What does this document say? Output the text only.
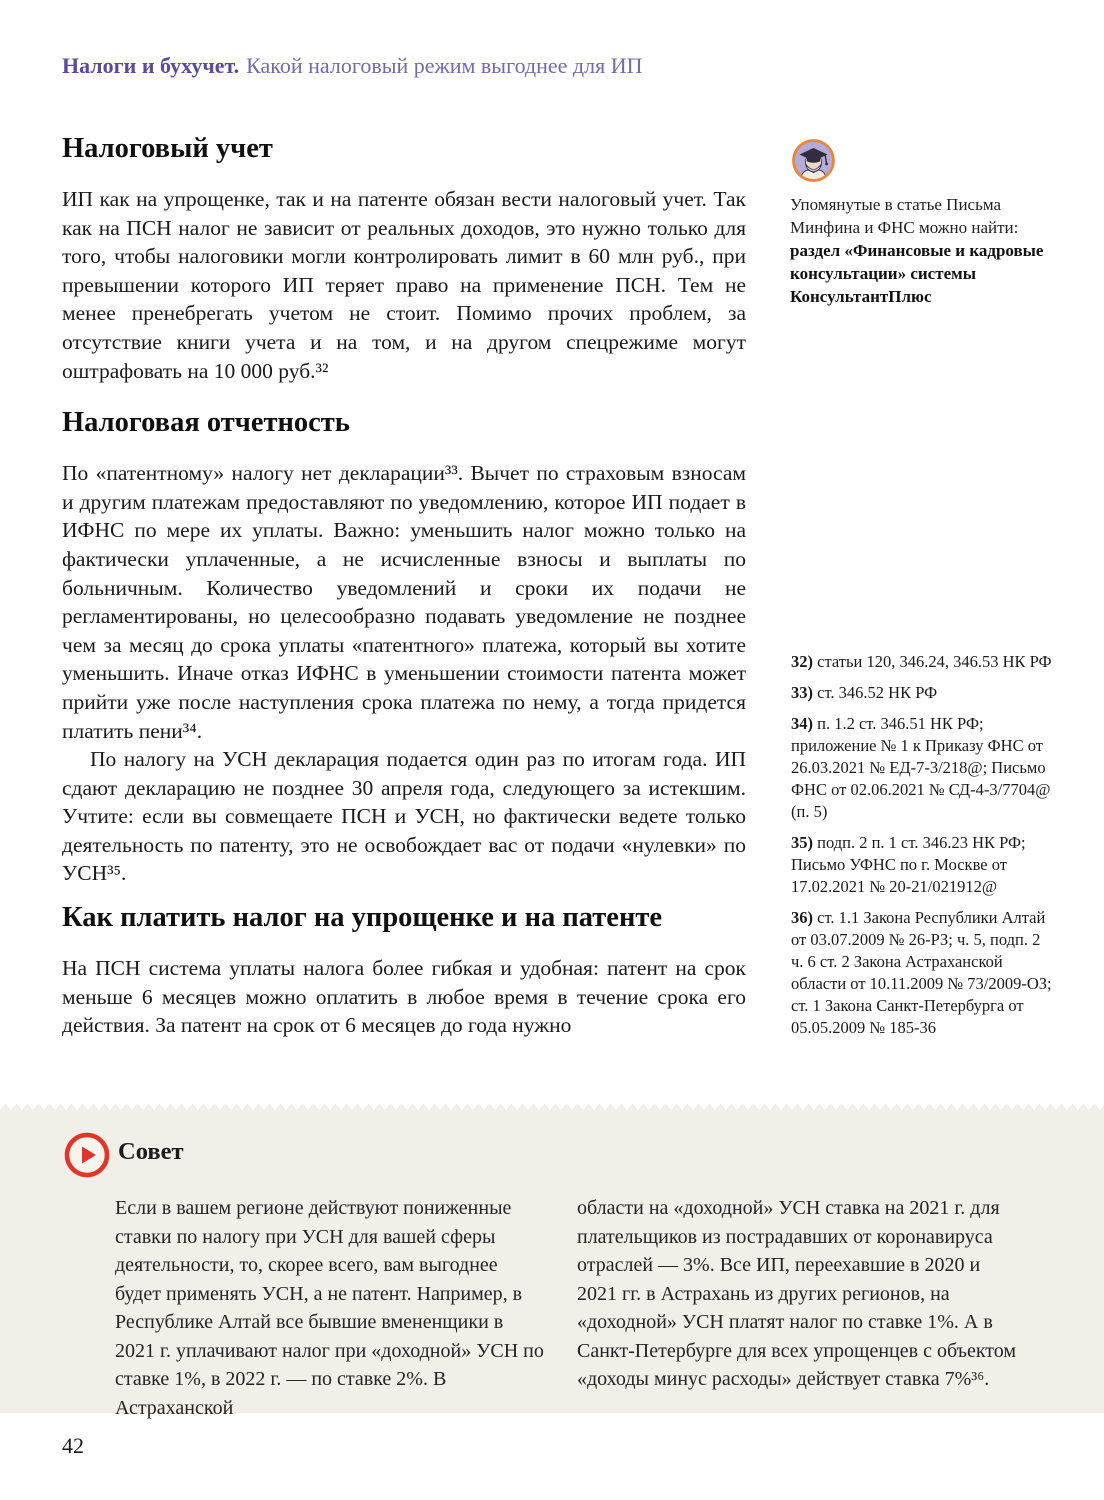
Налоги и бухучет. Какой налоговый режим выгоднее для ИП
Налоговый учет

ИП как на упрощенке, так и на патенте обязан вести налоговый учет. Так как на ПСН налог не зависит от реальных доходов, это нужно только для того, чтобы налоговики могли контролировать лимит в 60 млн руб., при превышении которого ИП теряет право на применение ПСН. Тем не менее пренебрегать учетом не стоит. Помимо прочих проблем, за отсутствие книги учета и на том, и на другом спецрежиме могут оштрафовать на 10 000 руб.³²

Налоговая отчетность

По «патентному» налогу нет декларации³³. Вычет по страховым взносам и другим платежам предоставляют по уведомлению, которое ИП подает в ИФНС по мере их уплаты. Важно: уменьшить налог можно только на фактически уплаченные, а не исчисленные взносы и выплаты по больничным. Количество уведомлений и сроки их подачи не регламентированы, но целесообразно подавать уведомление не позднее чем за месяц до срока уплаты «патентного» платежа, который вы хотите уменьшить. Иначе отказ ИФНС в уменьшении стоимости патента может прийти уже после наступления срока платежа по нему, а тогда придется платить пени³⁴.

По налогу на УСН декларация подается один раз по итогам года. ИП сдают декларацию не позднее 30 апреля года, следующего за истекшим. Учтите: если вы совмещаете ПСН и УСН, но фактически ведете только деятельность по патенту, это не освобождает вас от подачи «нулевки» по УСН³⁵.

Как платить налог на упрощенке и на патенте

На ПСН система уплаты налога более гибкая и удобная: патент на срок меньше 6 месяцев можно оплатить в любое время в течение срока его действия. За патент на срок от 6 месяцев до года нужно

Упомянутые в статье Письма Минфина и ФНС можно найти:
раздел «Финансовые и кадровые консультации» системы КонсультантПлюс

32) статьи 120, 346.24, 346.53 НК РФ

33) ст. 346.52 НК РФ

34) п. 1.2 ст. 346.51 НК РФ; приложение № 1 к Приказу ФНС от 26.03.2021 № ЕД-7-3/218@; Письмо ФНС от 02.06.2021 № СД-4-3/7704@ (п. 5)

35) подп. 2 п. 1 ст. 346.23 НК РФ; Письмо УФНС по г. Москве от 17.02.2021 № 20-21/021912@

36) ст. 1.1 Закона Республики Алтай от 03.07.2009 № 26-РЗ; ч. 5, подп. 2 ч. 6 ст. 2 Закона Астраханской области от 10.11.2009 № 73/2009-ОЗ; ст. 1 Закона Санкт-Петербурга от 05.05.2009 № 185-36

Совет

Если в вашем регионе действуют пониженные ставки по налогу при УСН для вашей сферы деятельности, то, скорее всего, вам выгоднее будет применять УСН, а не патент. Например, в Республике Алтай все бывшие вмененщики в 2021 г. уплачивают налог при «доходной» УСН по ставке 1%, в 2022 г. — по ставке 2%. В Астраханской

области на «доходной» УСН ставка на 2021 г. для плательщиков из пострадавших от коронавируса отраслей — 3%. Все ИП, переехавшие в 2020 и 2021 гг. в Астрахань из других регионов, на «доходной» УСН платят налог по ставке 1%. А в Санкт-Петербурге для всех упрощенцев с объектом «доходы минус расходы» действует ставка 7%³⁶.

42
